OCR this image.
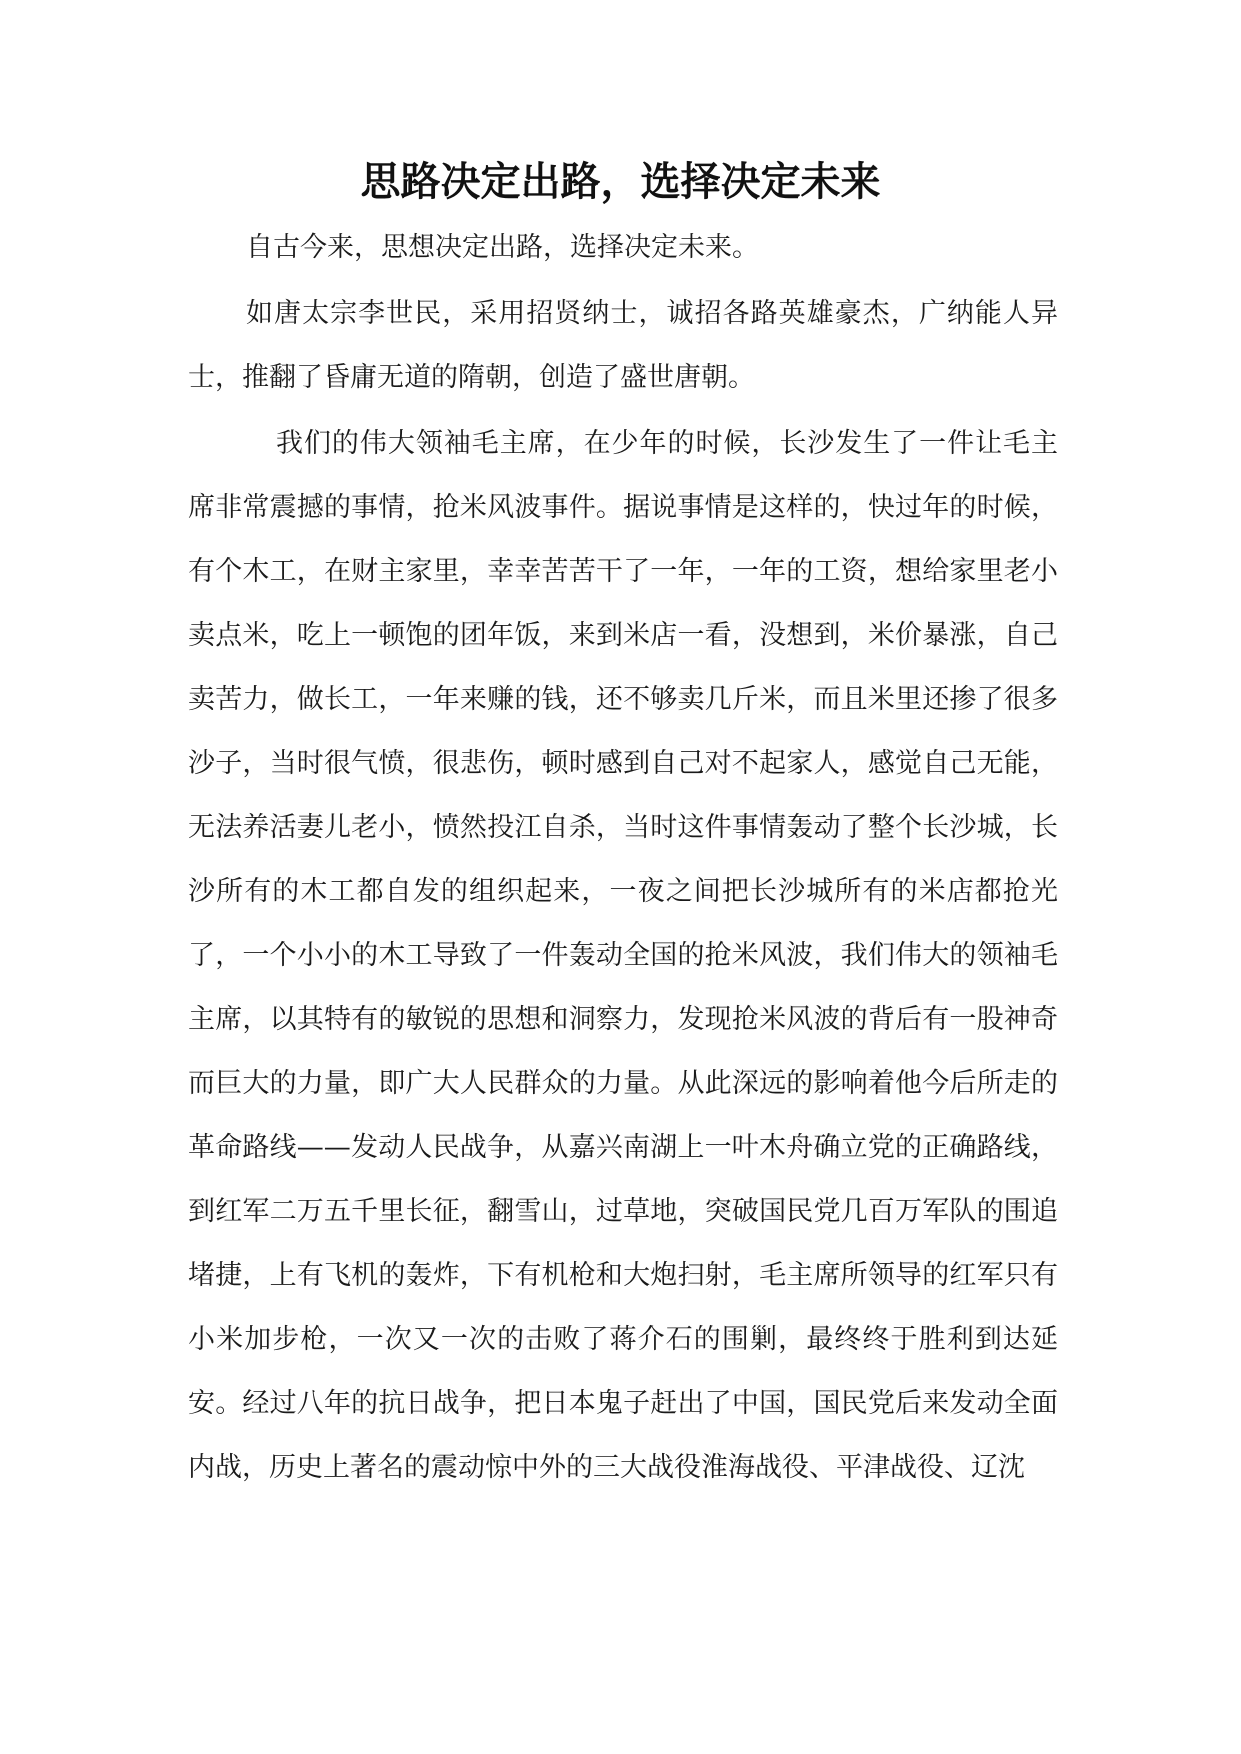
思路决定出路，选择决定未来

自古今来，思想决定出路，选择决定未来。

如唐太宗李世民，采用招贤纳士，诚招各路英雄豪杰，广纳能人异士，推翻了昏庸无道的隋朝，创造了盛世唐朝。

我们的伟大领袖毛主席，在少年的时候，长沙发生了一件让毛主席非常震撼的事情，抢米风波事件。据说事情是这样的，快过年的时候，有个木工，在财主家里，幸幸苦苦干了一年，一年的工资，想给家里老小卖点米，吃上一顿饱的团年饭，来到米店一看，没想到，米价暴涨，自己卖苦力，做长工，一年来赚的钱，还不够卖几斤米，而且米里还掺了很多沙子，当时很气愤，很悲伤，顿时感到自己对不起家人，感觉自己无能，无法养活妻儿老小，愤然投江自杀，当时这件事情轰动了整个长沙城，长沙所有的木工都自发的组织起来，一夜之间把长沙城所有的米店都抢光了，一个小小的木工导致了一件轰动全国的抢米风波，我们伟大的领袖毛主席，以其特有的敏锐的思想和洞察力，发现抢米风波的背后有一股神奇而巨大的力量，即广大人民群众的力量。从此深远的影响着他今后所走的革命路线——发动人民战争，从嘉兴南湖上一叶木舟确立党的正确路线，到红军二万五千里长征，翻雪山，过草地，突破国民党几百万军队的围追堵捷，上有飞机的轰炸，下有机枪和大炮扫射，毛主席所领导的红军只有小米加步枪，一次又一次的击败了蒋介石的围剿，最终终于胜利到达延安。经过八年的抗日战争，把日本鬼子赶出了中国，国民党后来发动全面内战，历史上著名的震动惊中外的三大战役淮海战役、平津战役、辽沈
